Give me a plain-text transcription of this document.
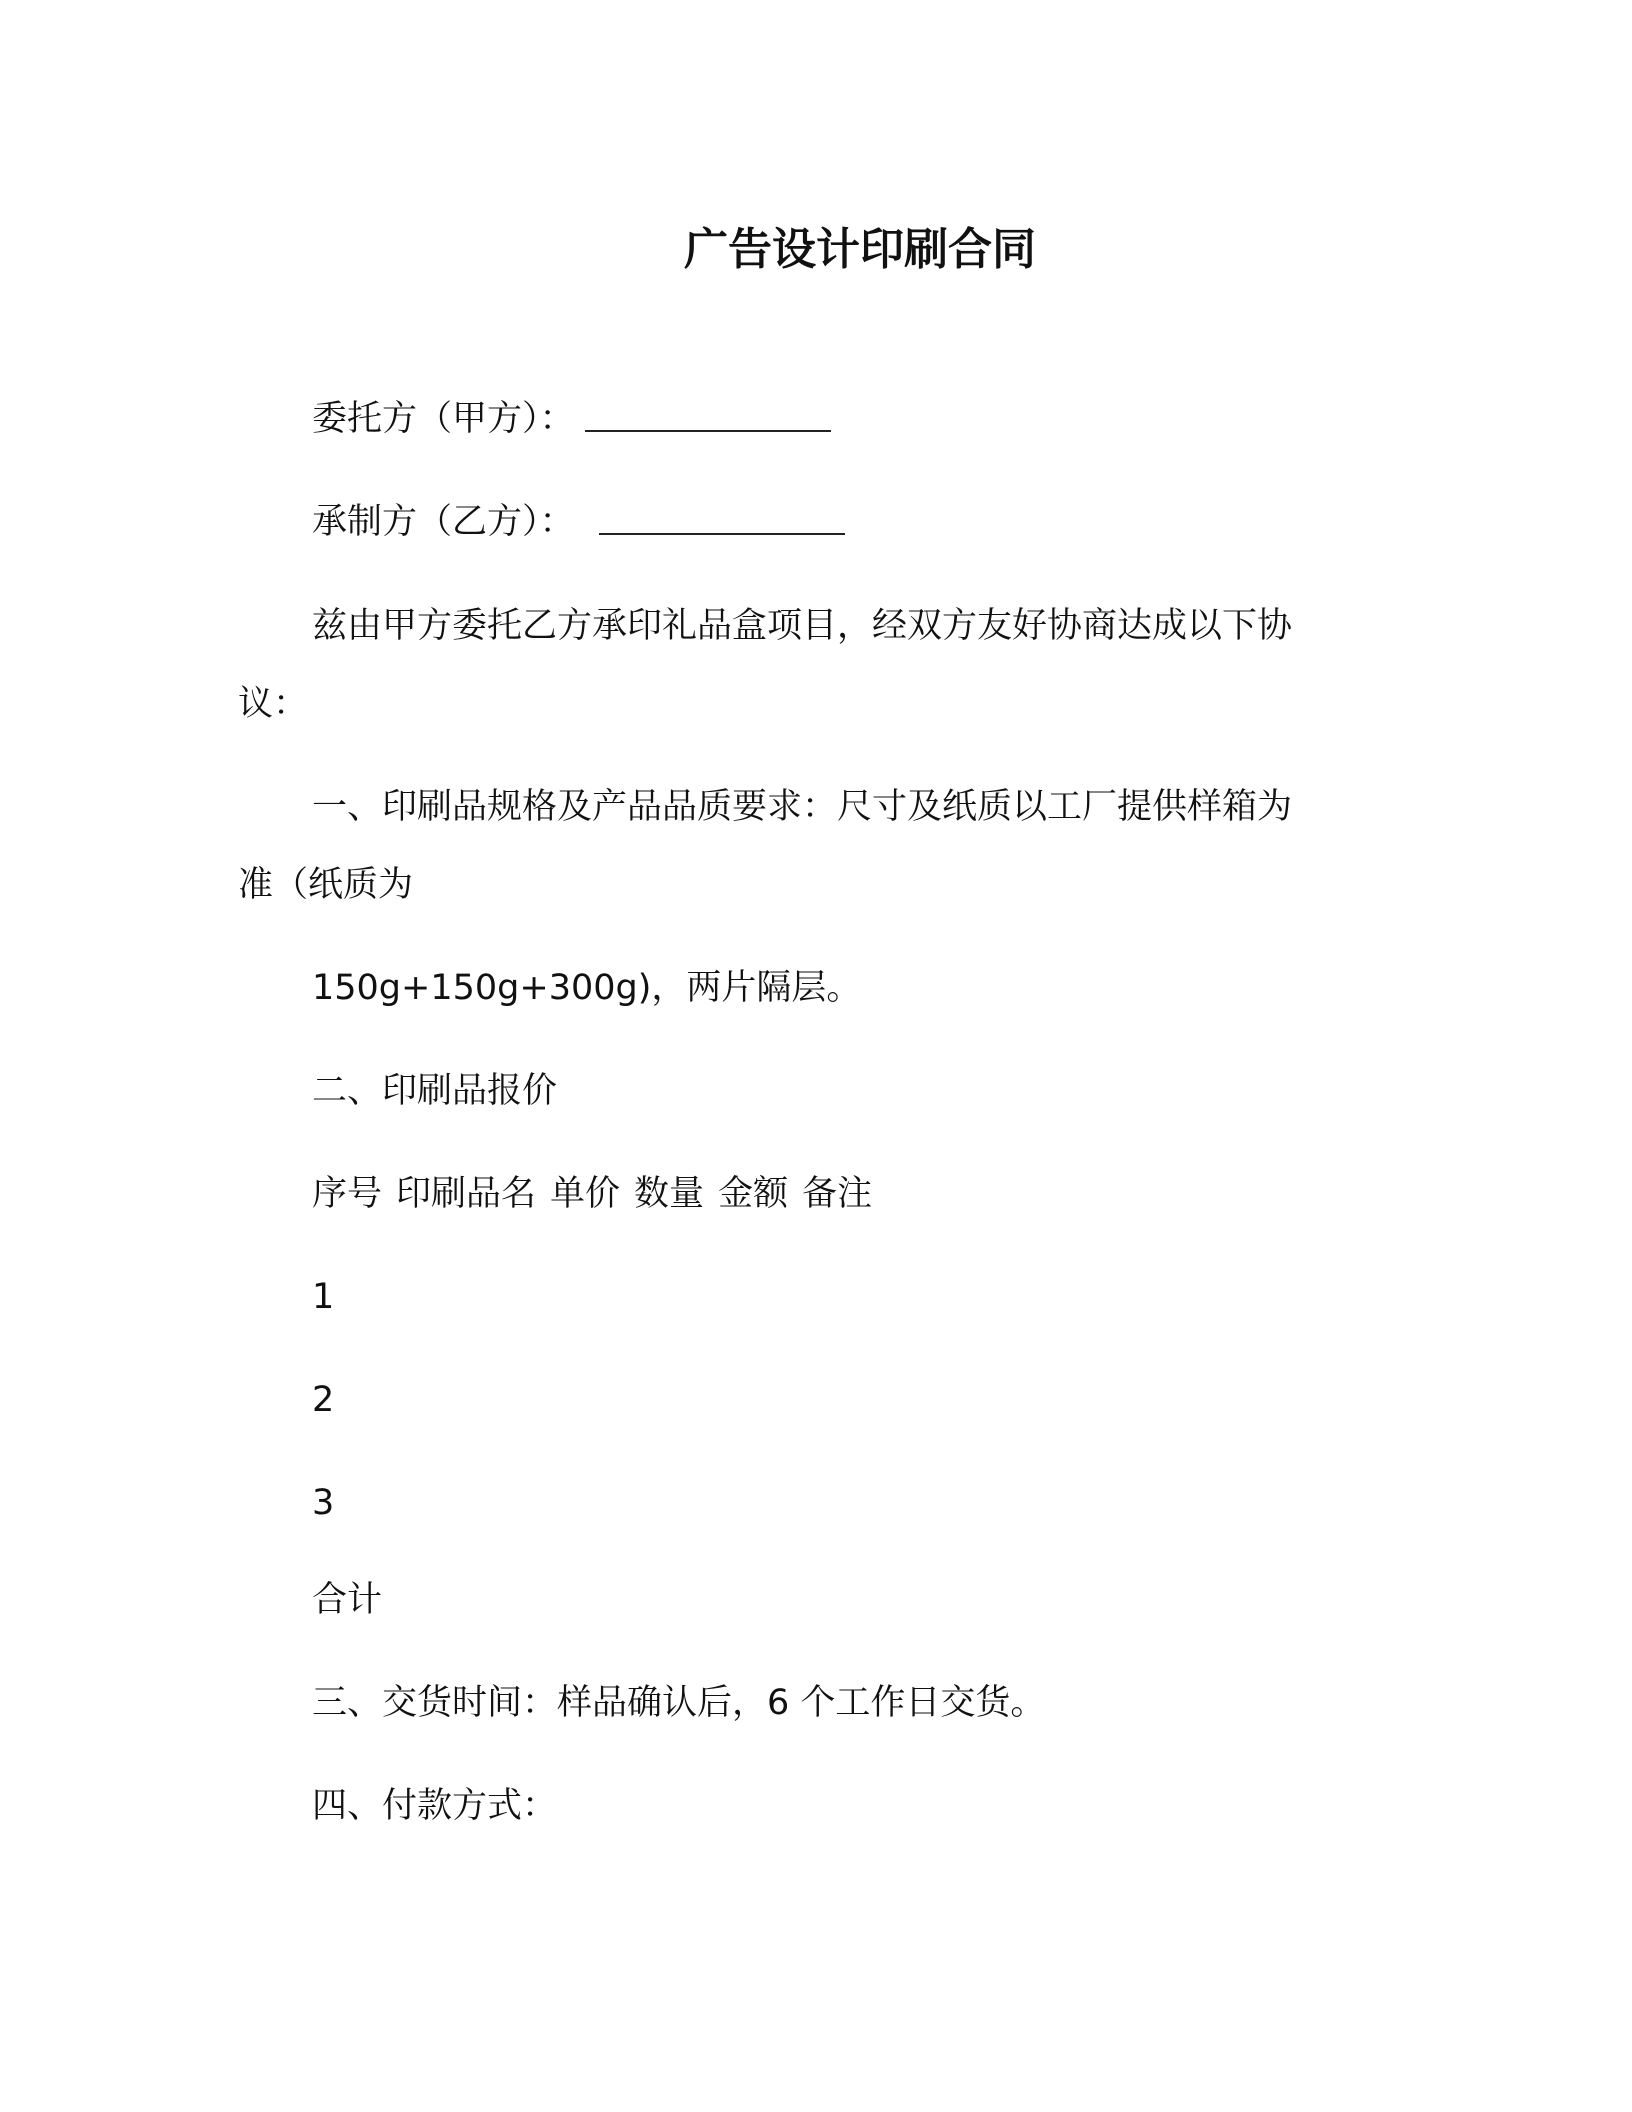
广告设计印刷合同
委托方（甲方）：
承制方（乙方）：
兹由甲方委托乙方承印礼品盒项目，经双方友好协商达成以下协
议：
一、印刷品规格及产品品质要求：尺寸及纸质以工厂提供样箱为
准（纸质为
150g+150g+300g)，两片隔层。
二、印刷品报价
序号 印刷品名 单价 数量 金额 备注
1
2
3
合计
三、交货时间：样品确认后，6 个工作日交货。
四、付款方式：
